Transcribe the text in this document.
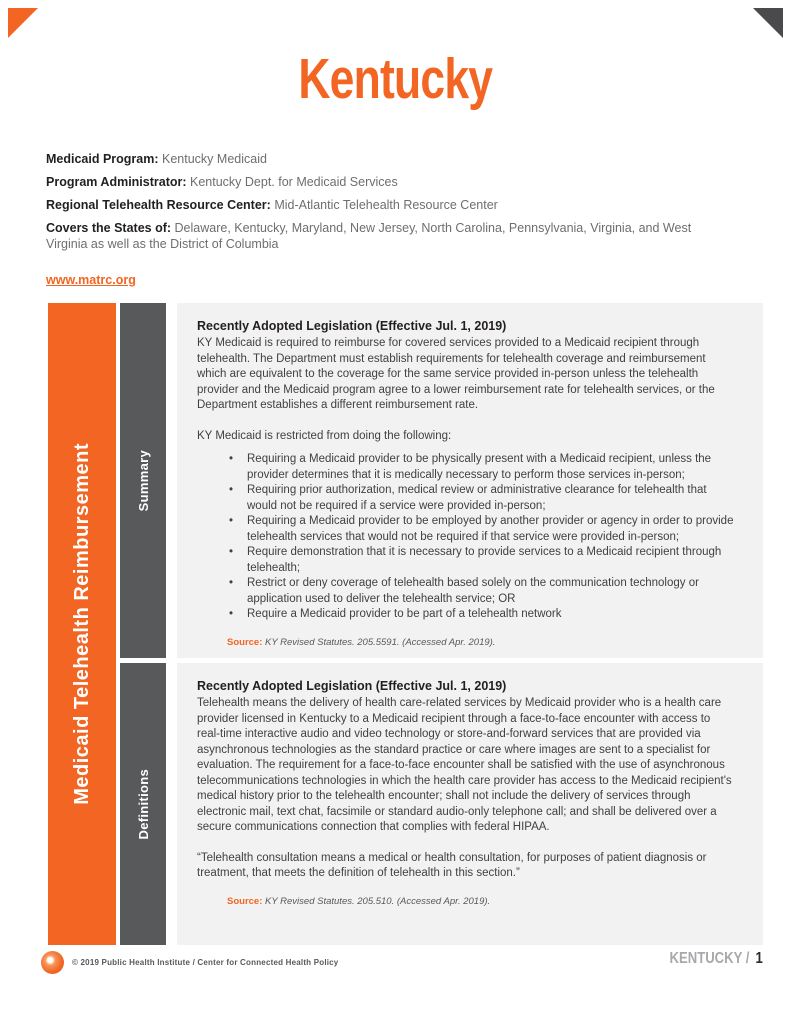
Kentucky
Medicaid Program: Kentucky Medicaid
Program Administrator: Kentucky Dept. for Medicaid Services
Regional Telehealth Resource Center: Mid-Atlantic Telehealth Resource Center
Covers the States of: Delaware, Kentucky, Maryland, New Jersey, North Carolina, Pennsylvania, Virginia, and West Virginia as well as the District of Columbia
www.matrc.org
Medicaid Telehealth Reimbursement	Summary
Definitions
Recently Adopted Legislation (Effective Jul. 1, 2019)

KY Medicaid is required to reimburse for covered services provided to a Medicaid recipient through telehealth. The Department must establish requirements for telehealth coverage and reimbursement which are equivalent to the coverage for the same service provided in-person unless the telehealth provider and the Medicaid program agree to a lower reimbursement rate for telehealth services, or the Department establishes a different reimbursement rate.

KY Medicaid is restricted from doing the following:

• Requiring a Medicaid provider to be physically present with a Medicaid recipient, unless the provider determines that it is medically necessary to perform those services in-person;
• Requiring prior authorization, medical review or administrative clearance for telehealth that would not be required if a service were provided in-person;
• Requiring a Medicaid provider to be employed by another provider or agency in order to provide telehealth services that would not be required if that service were provided in-person;
• Require demonstration that it is necessary to provide services to a Medicaid recipient through telehealth;
• Restrict or deny coverage of telehealth based solely on the communication technology or application used to deliver the telehealth service; OR
• Require a Medicaid provider to be part of a telehealth network
Source: KY Revised Statutes. 205.5591. (Accessed Apr. 2019).
Recently Adopted Legislation (Effective Jul. 1, 2019)

Telehealth means the delivery of health care-related services by Medicaid provider who is a health care provider licensed in Kentucky to a Medicaid recipient through a face-to-face encounter with access to real-time interactive audio and video technology or store-and-forward services that are provided via asynchronous technologies as the standard practice or care where images are sent to a specialist for evaluation. The requirement for a face-to-face encounter shall be satisfied with the use of asynchronous telecommunications technologies in which the health care provider has access to the Medicaid recipient's medical history prior to the telehealth encounter; shall not include the delivery of services through electronic mail, text chat, facsimile or standard audio-only telephone call; and shall be delivered over a secure communications connection that complies with federal HIPAA.

“Telehealth consultation means a medical or health consultation, for purposes of patient diagnosis or treatment, that meets the definition of telehealth in this section.”

Source: KY Revised Statutes. 205.510. (Accessed Apr. 2019).
© 2019 Public Health Institute / Center for Connected Health Policy	KENTUCKY / 1
